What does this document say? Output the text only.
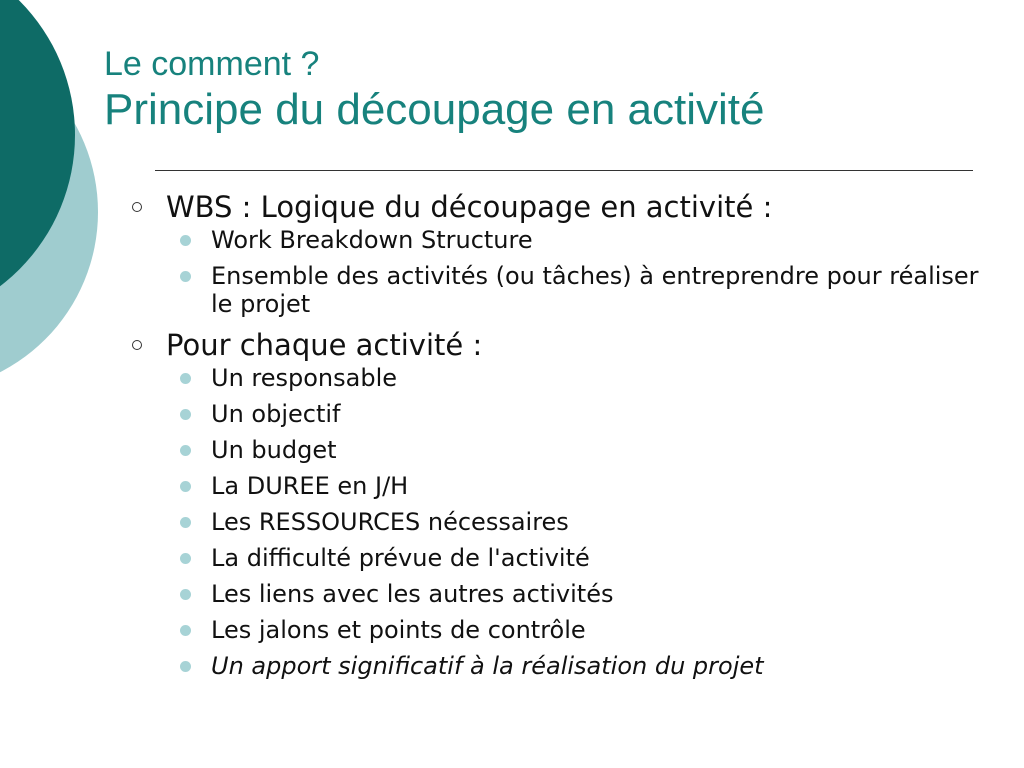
Le comment ?
Principe du découpage en activité
WBS : Logique du découpage en activité :
Work Breakdown Structure
Ensemble des activités (ou tâches) à entreprendre pour réaliser le projet
Pour chaque activité :
Un responsable
Un objectif
Un budget
La DUREE en J/H
Les RESSOURCES nécessaires
La difficulté prévue de l'activité
Les liens avec les autres activités
Les jalons et points de contrôle
Un apport significatif à la réalisation du projet
